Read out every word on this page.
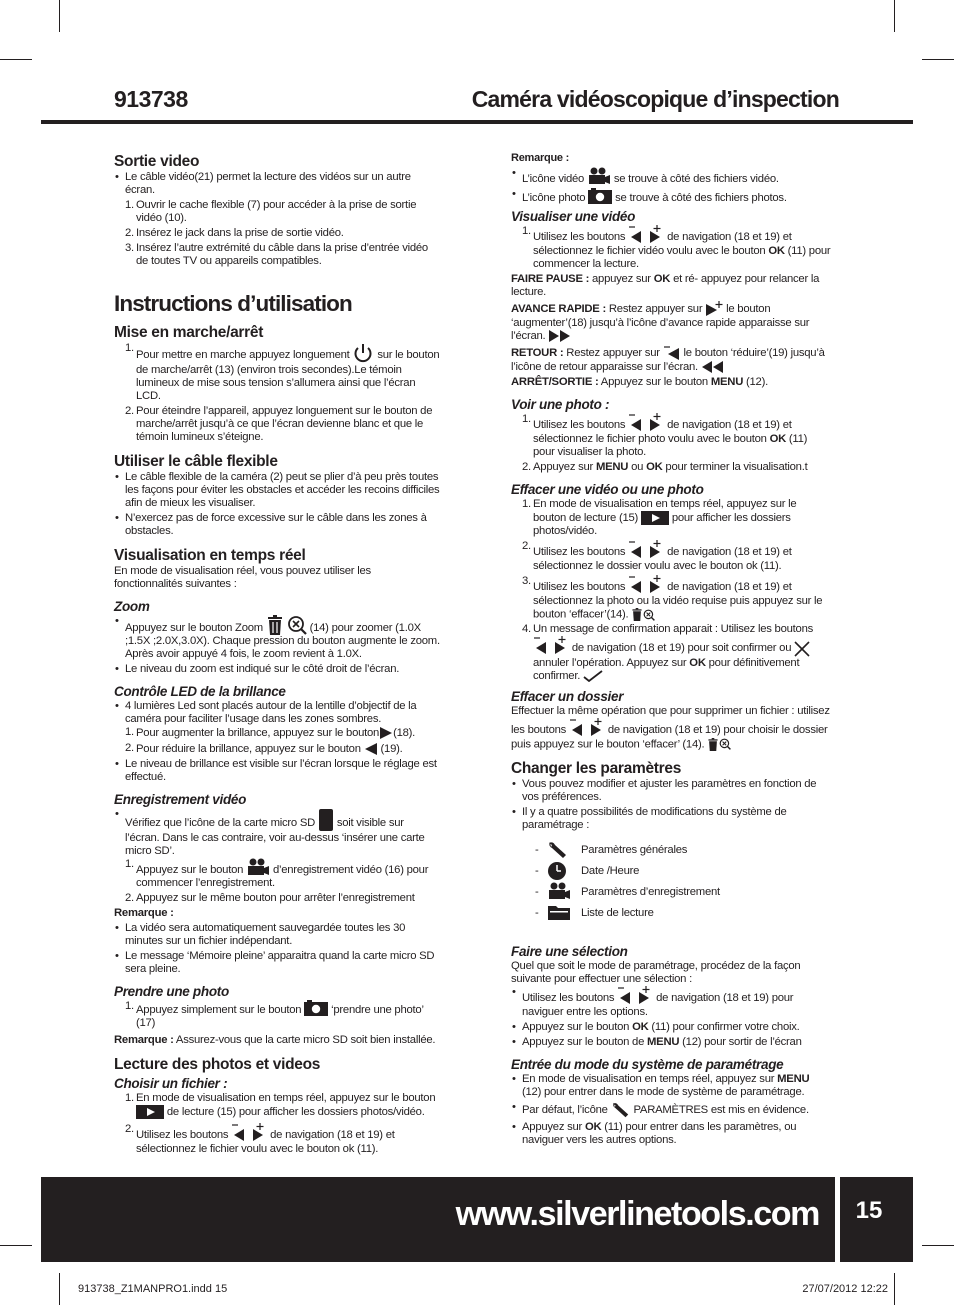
913738	Caméra vidéoscopique d’inspection

Sortie video

• Le câble vidéo(21) permet la lecture des vidéos sur un autre écran.

1. Ouvrir le cache flexible (7) pour accéder à la prise de sortie vidéo (10).

2. Insérez le jack dans la prise de sortie vidéo.

3. Insérez l’autre extrémité du câble dans la prise d’entrée vidéo de toutes TV ou appareils compatibles.

Instructions d’utilisation

Mise en marche/arrêt

1.
Pour mettre en marche appuyez longuement sur le bouton de marche/arrêt (13) (environ trois secondes).Le témoin lumineux de mise sous tension s’allumera ainsi que l’écran LCD.

2. Pour éteindre l’appareil, appuyez longuement sur le bouton de marche/arrêt jusqu’à ce que l’écran devienne blanc et que le témoin lumineux s’éteigne.

Utiliser le câble flexible

• Le câble flexible de la caméra (2) peut se plier d’à peu près toutes les façons pour éviter les obstacles et accéder les recoins difficiles afin de mieux les visualiser.

• N’exercez pas de force excessive sur le câble dans les zones à obstacles.

Visualisation en temps réel

En mode de visualisation réel, vous pouvez utiliser les fonctionnalités suivantes :

Zoom

• Appuyez sur le bouton Zoom	(14) pour zoomer (1.0X ;1.5X ;2.0X,3.0X). Chaque pression du bouton augmente le zoom. Après avoir appuyé 4 fois, le zoom revient à 1.0X.

• Le niveau du zoom est indiqué sur le côté droit de l’écran.

Contrôle LED de la brillance

• 4 lumières Led sont placés autour de la lentille d’objectif de la caméra pour faciliter l’usage dans les zones sombres.

1. Pour augmenter la brillance, appuyez sur le bouton (18).

2. Pour réduire la brillance, appuyez sur le bouton (19).

• Le niveau de brillance est visible sur l’écran lorsque le réglage est effectué.

Enregistrement vidéo

• Vérifiez que l’icône de la carte micro SD soit visible sur l’écran. Dans le cas contraire, voir au-dessus ‘insérer une carte micro SD’.

1. Appuyez sur le bouton	d’enregistrement vidéo (16) pour commencer l’enregistrement.

2. Appuyez sur le même bouton pour arrêter l’enregistrement

Remarque :

• La vidéo sera automatiquement sauvegardée toutes les 30 minutes sur un fichier indépendant.

• Le message ‘Mémoire pleine’ apparaitra quand la carte micro SD sera pleine.

Prendre une photo

1. Appuyez simplement sur le bouton	‘prendre une photo’ (17)

Remarque : Assurez-vous que la carte micro SD soit bien installée.

Lecture des photos et videos

Choisir un fichier :

1. En mode de visualisation en temps réel, appuyez sur le bouton  de lecture (15) pour afficher les dossiers photos/vidéo.

2. Utilisez les boutons	de navigation (18 et 19) et sélectionnez le fichier voulu avec le bouton ok (11).

Remarque :

• L’icône vidéo	se trouve à côté des fichiers vidéo.

• L’icône photo	se trouve à côté des fichiers photos.

Visualiser une vidéo

1. Utilisez les boutons	de navigation (18 et 19) et sélectionnez le fichier vidéo voulu avec le bouton OK (11) pour commencer la lecture.

FAIRE PAUSE : appuyez sur OK et ré- appuyez pour relancer la lecture.

AVANCE RAPIDE : Restez appuyer sur le bouton ‘augmenter’(18) jusqu’à l’icône d’avance rapide apparaisse sur l’écran.

RETOUR : Restez appuyer sur le bouton ‘réduire’(19) jusqu’à l’icône de retour apparaisse sur l’écran.

ARRÊT/SORTIE : Appuyez sur le bouton MENU (12).

Voir une photo :

1. Utilisez les boutons	de navigation (18 et 19) et sélectionnez le fichier photo voulu avec le bouton OK (11) pour visualiser la photo.

2. Appuyez sur MENU ou OK pour terminer la visualisation.t

Effacer une vidéo ou une photo

1. En mode de visualisation en temps réel, appuyez sur le bouton de lecture (15)	pour afficher les dossiers photos/vidéo.

2. Utilisez les boutons	de navigation (18 et 19) et sélectionnez le dossier voulu avec le bouton ok (11).

3. Utilisez les boutons	de navigation (18 et 19) et sélectionnez la photo ou la vidéo requise puis appuyez sur le bouton ‘effacer’(14).

4. Un message de confirmation apparait : Utilisez les boutons  de navigation (18 et 19) pour soit confirmer ou  annuler l’opération. Appuyez sur OK pour définitivement confirmer.

Effacer un dossier

Effectuer la même opération que pour supprimer un fichier : utilisez les boutons	de navigation (18 et 19) pour choisir le dossier puis appuyez sur le bouton ‘effacer’ (14).

Changer les paramètres

• Vous pouvez modifier et ajuster les paramètres en fonction de vos préférences.

• Il y a quatre possibilités de modifications du système de paramétrage :

-	Paramètres générales

-	Date /Heure

-	Paramètres d’enregistrement

-	Liste de lecture

Faire une sélection

Quel que soit le mode de paramétrage, procédez de la façon suivante pour effectuer une sélection :

• Utilisez les boutons	de navigation (18 et 19) pour naviguer entre les options.

• Appuyez sur le bouton OK (11) pour confirmer votre choix.

• Appuyez sur le bouton de MENU (12) pour sortir de l’écran

Entrée du mode du système de paramétrage

• En mode de visualisation en temps réel, appuyez sur MENU (12) pour entrer dans le mode de système de paramétrage.

• Par défaut, l’icône PARAMÈTRES est mis en évidence.

• Appuyez sur OK (11) pour entrer dans les paramètres, ou naviguer vers les autres options.

www.silverlinetools.com	15
913738_Z1MANPRO1.indd 15	27/07/2012 12:22
